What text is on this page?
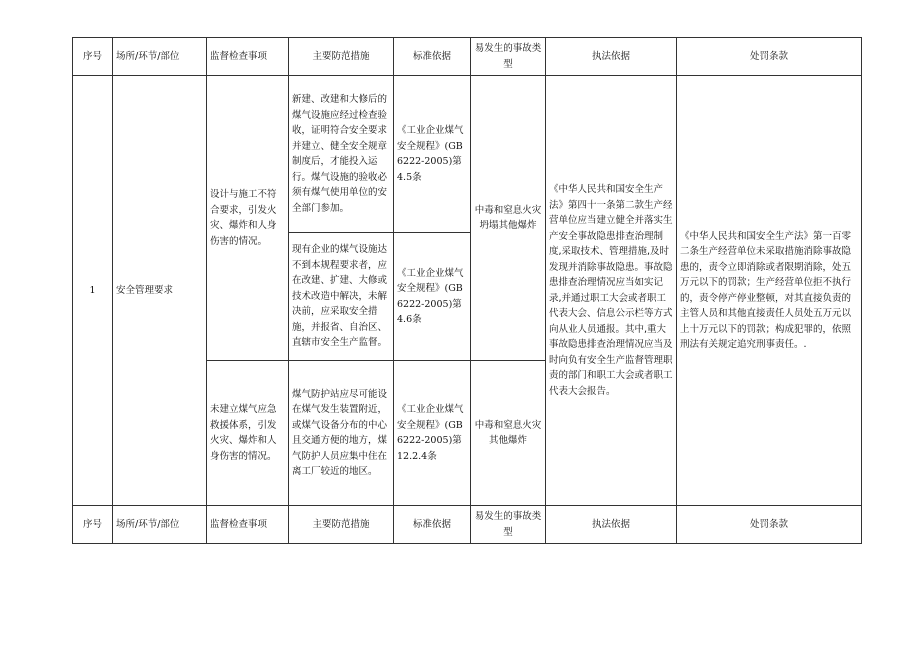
序号	场所/环节/部位	监督检查事项	主要防范措施	标准依据	易发生的事故类型	执法依据	处罚条款
1	安全管理要求	设计与施工不符合要求，引发火灾、爆炸和人身伤害的情况。	新建、改建和大修后的煤气设施应经过检查验收，证明符合安全要求并建立、健全安全规章制度后，才能投入运行。煤气设施的验收必须有煤气使用单位的安全部门参加。	《工业企业煤气安全规程》(GB6222-2005)第4.5条	中毒和窒息火灾坍塌其他爆炸	《中华人民共和国安全生产法》第四十一条第二款生产经营单位应当建立健全并落实生产安全事故隐患排查治理制度,采取技术、管理措施,及时发现并消除事故隐患。事故隐患排查治理情况应当如实记录,并通过职工大会或者职工代表大会、信息公示栏等方式向从业人员通报。其中,重大事故隐患排查治理情况应当及时向负有安全生产监督管理职责的部门和职工大会或者职工代表大会报告。	《中华人民共和国安全生产法》第一百零二条生产经营单位未采取措施消除事故隐患的，责令立即消除或者限期消除，处五万元以下的罚款；生产经营单位拒不执行的，责令停产停业整顿，对其直接负责的主管人员和其他直接责任人员处五万元以上十万元以下的罚款；构成犯罪的，依照刑法有关规定追究刑事责任。.
			现有企业的煤气设施达不到本规程要求者，应在改建、扩建、大修或技术改造中解决，未解决前，应采取安全措施，并报省、自治区、直辖市安全生产监督。	《工业企业煤气安全规程》(GB6222-2005)第4.6条			
		未建立煤气应急救援体系，引发火灾、爆炸和人身伤害的情况。	煤气防护站应尽可能设在煤气发生装置附近，或煤气设备分布的中心且交通方便的地方，煤气防护人员应集中住在离工厂较近的地区。	《工业企业煤气安全规程》(GB6222-2005)第12.2.4条	中毒和窒息火灾其他爆炸		
序号	场所/环节/部位	监督检查事项	主要防范措施	标准依据	易发生的事故类型	执法依据	处罚条款
